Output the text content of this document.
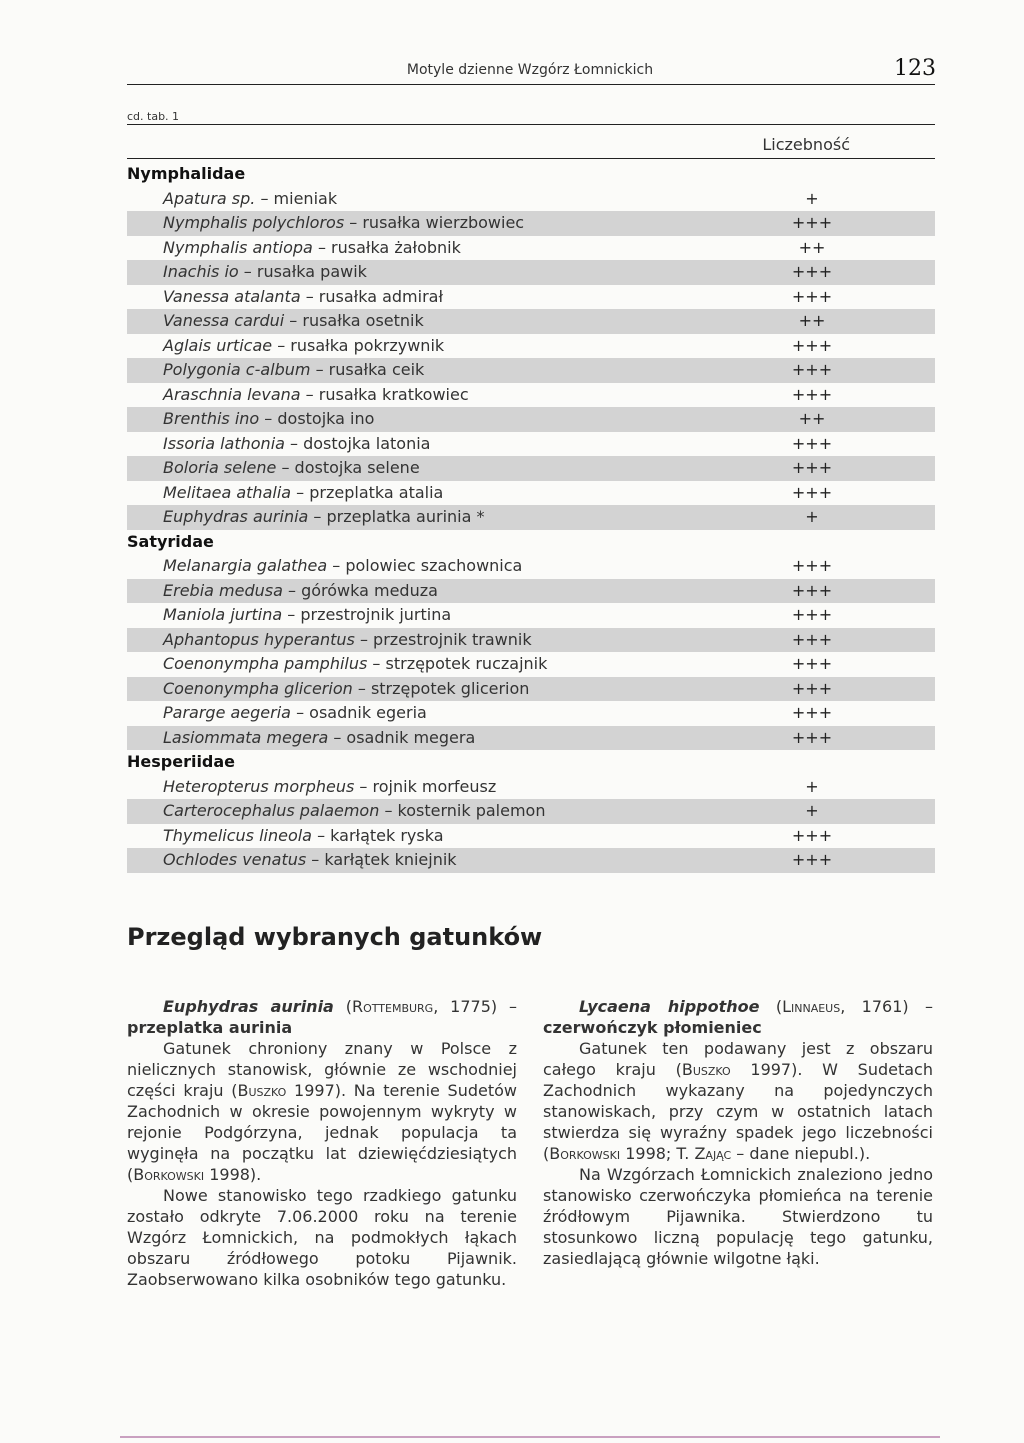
Motyle dzienne Wzgórz Łomnickich	123
cd. tab. 1
Liczebność
Nymphalidae
Apatura sp. – mieniak	+
Nymphalis polychloros – rusałka wierzbowiec	+++
Nymphalis antiopa – rusałka żałobnik	++
Inachis io – rusałka pawik	+++
Vanessa atalanta – rusałka admirał	+++
Vanessa cardui – rusałka osetnik	++
Aglais urticae – rusałka pokrzywnik	+++
Polygonia c-album – rusałka ceik	+++
Araschnia levana – rusałka kratkowiec	+++
Brenthis ino – dostojka ino	++
Issoria lathonia – dostojka latonia	+++
Boloria selene – dostojka selene	+++
Melitaea athalia – przeplatka atalia	+++
Euphydras aurinia – przeplatka aurinia *	+
Satyridae
Melanargia galathea – polowiec szachownica	+++
Erebia medusa – górówka meduza	+++
Maniola jurtina – przestrojnik jurtina	+++
Aphantopus hyperantus – przestrojnik trawnik	+++
Coenonympha pamphilus – strzępotek ruczajnik	+++
Coenonympha glicerion – strzępotek glicerion	+++
Pararge aegeria – osadnik egeria	+++
Lasiommata megera – osadnik megera	+++
Hesperiidae
Heteropterus morpheus – rojnik morfeusz	+
Carterocephalus palaemon – kosternik palemon	+
Thymelicus lineola – karłątek ryska	+++
Ochlodes venatus – karłątek kniejnik	+++
Przegląd wybranych gatunków

Euphydras aurinia (Rottemburg, 1775) – przeplatka aurinia

Gatunek chroniony znany w Polsce z nielicznych stanowisk, głównie ze wschodniej części kraju (Buszko 1997). Na terenie Sudetów Zachodnich w okresie powojennym wykryty w rejonie Podgórzyna, jednak populacja ta wyginęła na początku lat dziewięćdziesiątych (Borkowski 1998).

Nowe stanowisko tego rzadkiego gatunku zostało odkryte 7.06.2000 roku na terenie Wzgórz Łomnickich, na podmokłych łąkach obszaru źródłowego potoku Pijawnik. Zaobserwowano kilka osobników tego gatunku.

Lycaena hippothoe (Linnaeus, 1761) – czerwończyk płomieniec

Gatunek ten podawany jest z obszaru całego kraju (Buszko 1997). W Sudetach Zachodnich wykazany na pojedynczych stanowiskach, przy czym w ostatnich latach stwierdza się wyraźny spadek jego liczebności (Borkowski 1998; T. Zając – dane niepubl.).

Na Wzgórzach Łomnickich znaleziono jedno stanowisko czerwończyka płomieńca na terenie źródłowym Pijawnika. Stwierdzono tu stosunkowo liczną populację tego gatunku, zasiedlającą głównie wilgotne łąki.
